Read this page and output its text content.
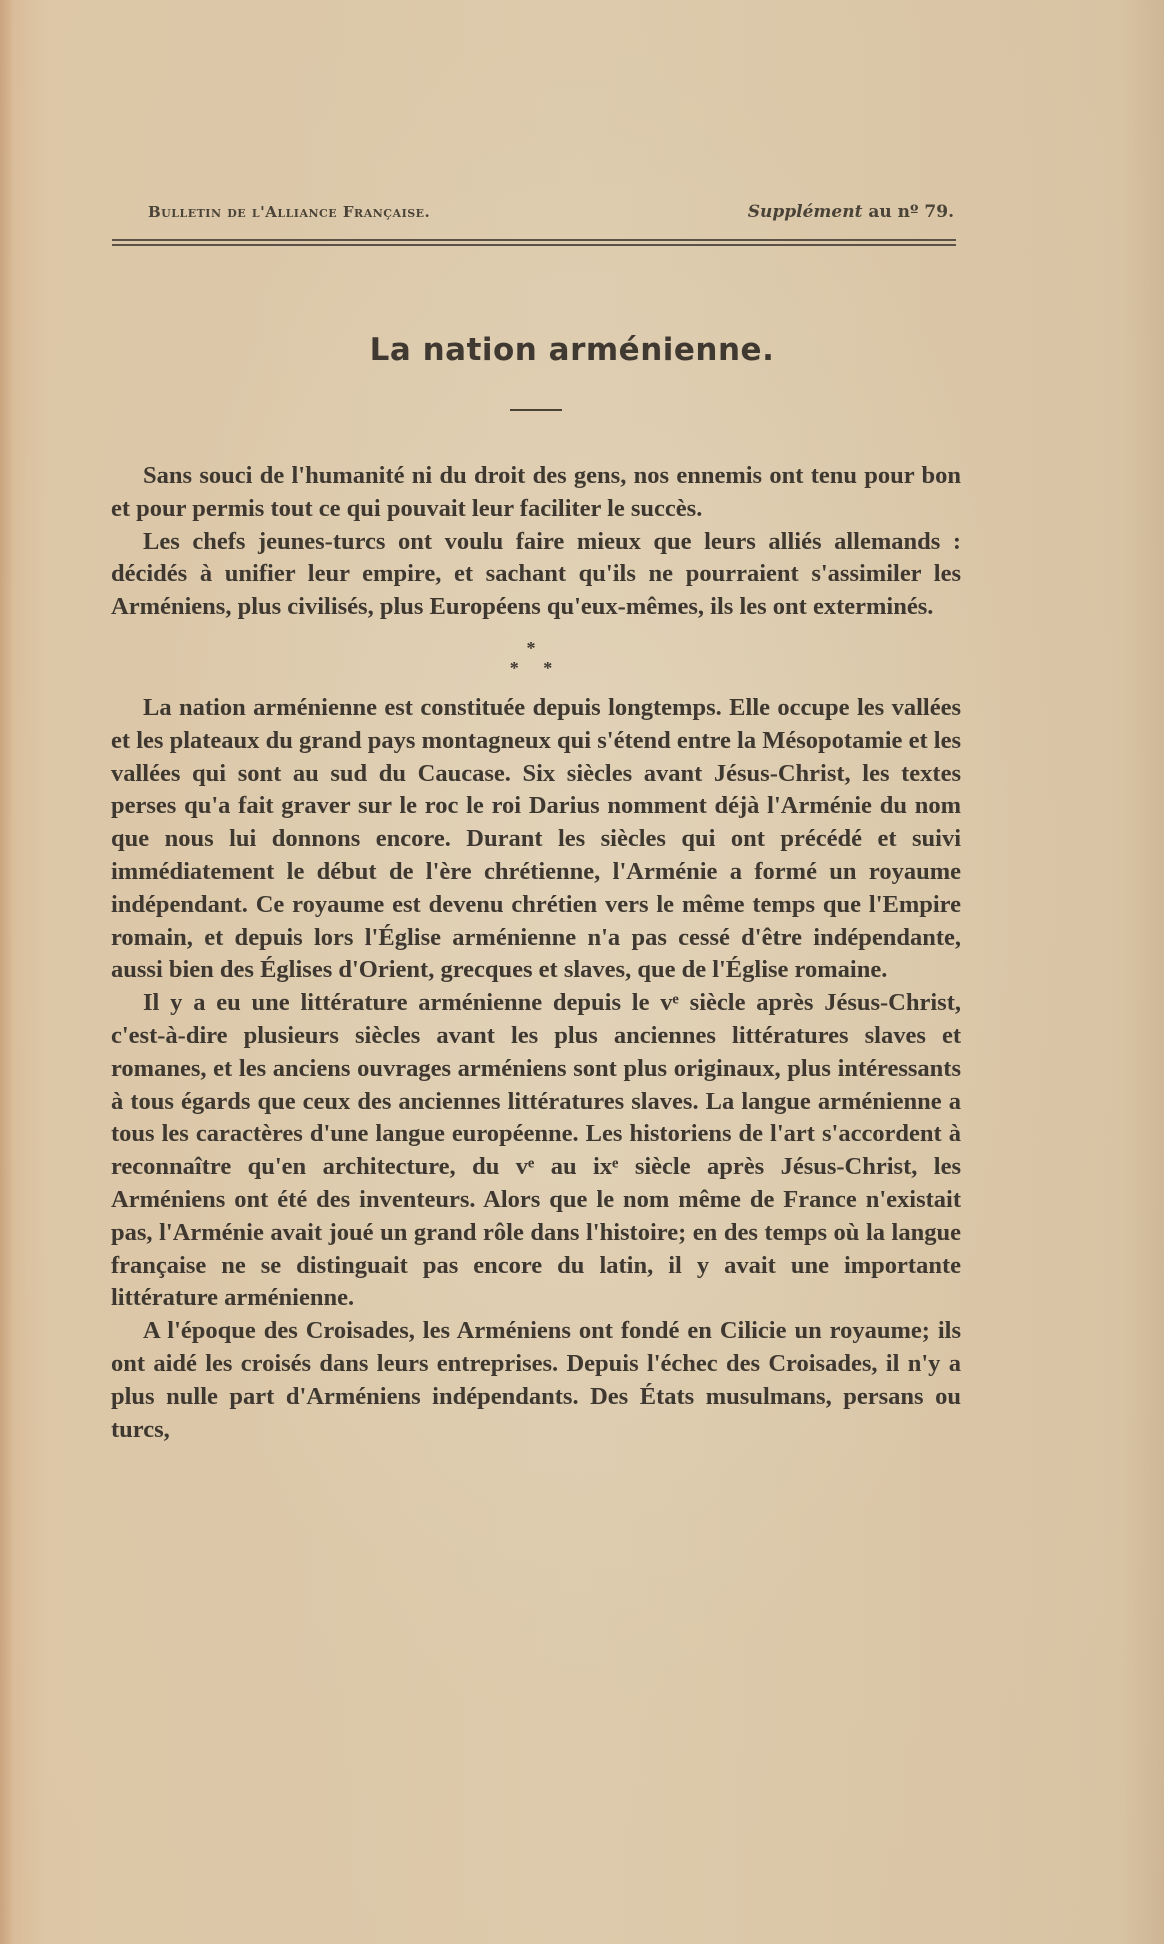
Bulletin de l'Alliance Française.	Supplément au nº 79.
La nation arménienne.

Sans souci de l'humanité ni du droit des gens, nos ennemis ont tenu pour bon et pour permis tout ce qui pouvait leur faciliter le succès.

Les chefs jeunes-turcs ont voulu faire mieux que leurs alliés allemands : décidés à unifier leur empire, et sachant qu'ils ne pourraient s'assimiler les Arméniens, plus civilisés, plus Européens qu'eux-mêmes, ils les ont exterminés.

*
* *

La nation arménienne est constituée depuis longtemps. Elle occupe les vallées et les plateaux du grand pays montagneux qui s'étend entre la Mésopotamie et les vallées qui sont au sud du Caucase. Six siècles avant Jésus-Christ, les textes perses qu'a fait graver sur le roc le roi Darius nomment déjà l'Arménie du nom que nous lui donnons encore. Durant les siècles qui ont précédé et suivi immédiatement le début de l'ère chrétienne, l'Arménie a formé un royaume indépendant. Ce royaume est devenu chrétien vers le même temps que l'Empire romain, et depuis lors l'Église arménienne n'a pas cessé d'être indépendante, aussi bien des Églises d'Orient, grecques et slaves, que de l'Église romaine.

Il y a eu une littérature arménienne depuis le vᵉ siècle après Jésus-Christ, c'est-à-dire plusieurs siècles avant les plus anciennes littératures slaves et romanes, et les anciens ouvrages arméniens sont plus originaux, plus intéressants à tous égards que ceux des anciennes littératures slaves. La langue arménienne a tous les caractères d'une langue européenne. Les historiens de l'art s'accordent à reconnaître qu'en architecture, du vᵉ au ixᵉ siècle après Jésus-Christ, les Arméniens ont été des inventeurs. Alors que le nom même de France n'existait pas, l'Arménie avait joué un grand rôle dans l'histoire; en des temps où la langue française ne se distinguait pas encore du latin, il y avait une importante littérature arménienne.

A l'époque des Croisades, les Arméniens ont fondé en Cilicie un royaume; ils ont aidé les croisés dans leurs entreprises. Depuis l'échec des Croisades, il n'y a plus nulle part d'Arméniens indépendants. Des États musulmans, persans ou turcs,
